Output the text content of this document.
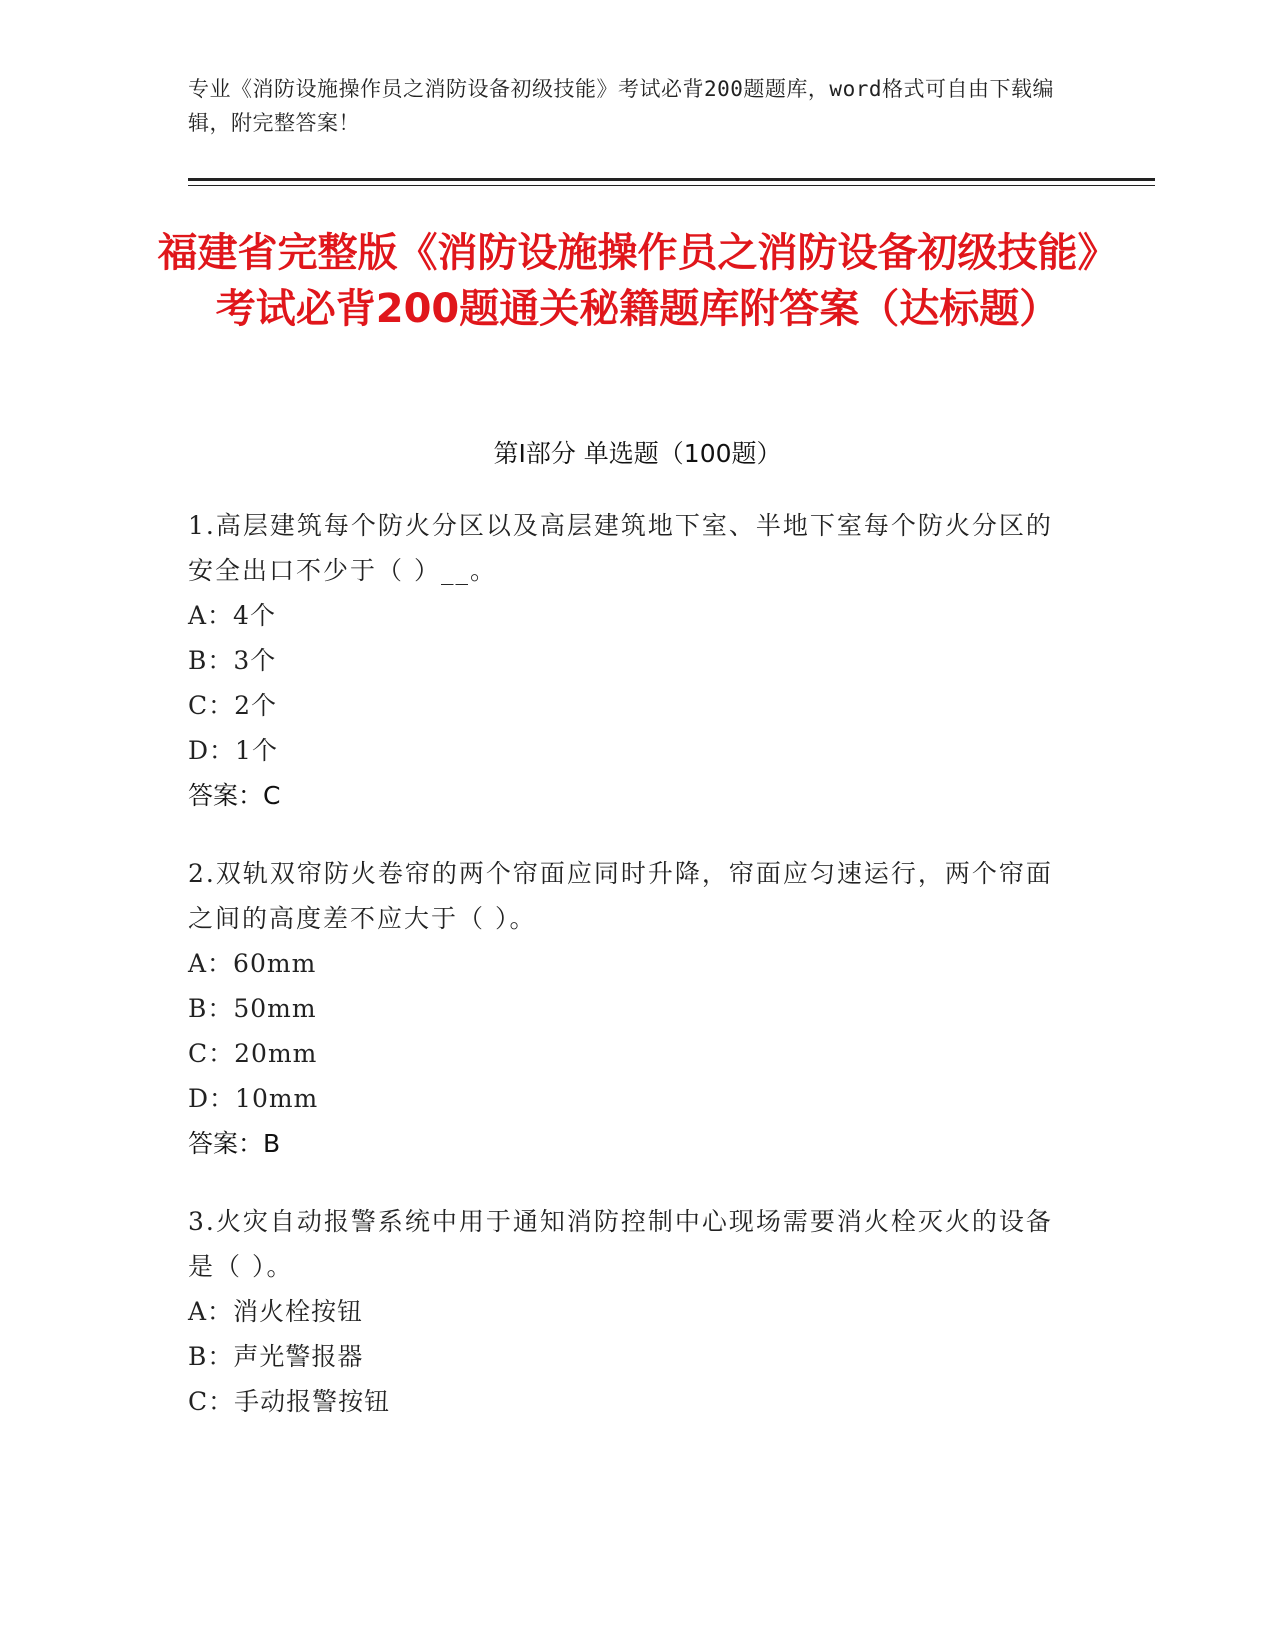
专业《消防设施操作员之消防设备初级技能》考试必背200题题库，word格式可自由下载编辑，附完整答案！
福建省完整版《消防设施操作员之消防设备初级技能》考试必背200题通关秘籍题库附答案（达标题）
第Ⅰ部分 单选题（100题）
1.高层建筑每个防火分区以及高层建筑地下室、半地下室每个防火分区的安全出口不少于（ ）__。
A：4个
B：3个
C：2个
D：1个
答案：C
2.双轨双帘防火卷帘的两个帘面应同时升降，帘面应匀速运行，两个帘面之间的高度差不应大于（ ）。
A：60mm
B：50mm
C：20mm
D：10mm
答案：B
3.火灾自动报警系统中用于通知消防控制中心现场需要消火栓灭火的设备是（ ）。
A：消火栓按钮
B：声光警报器
C：手动报警按钮
